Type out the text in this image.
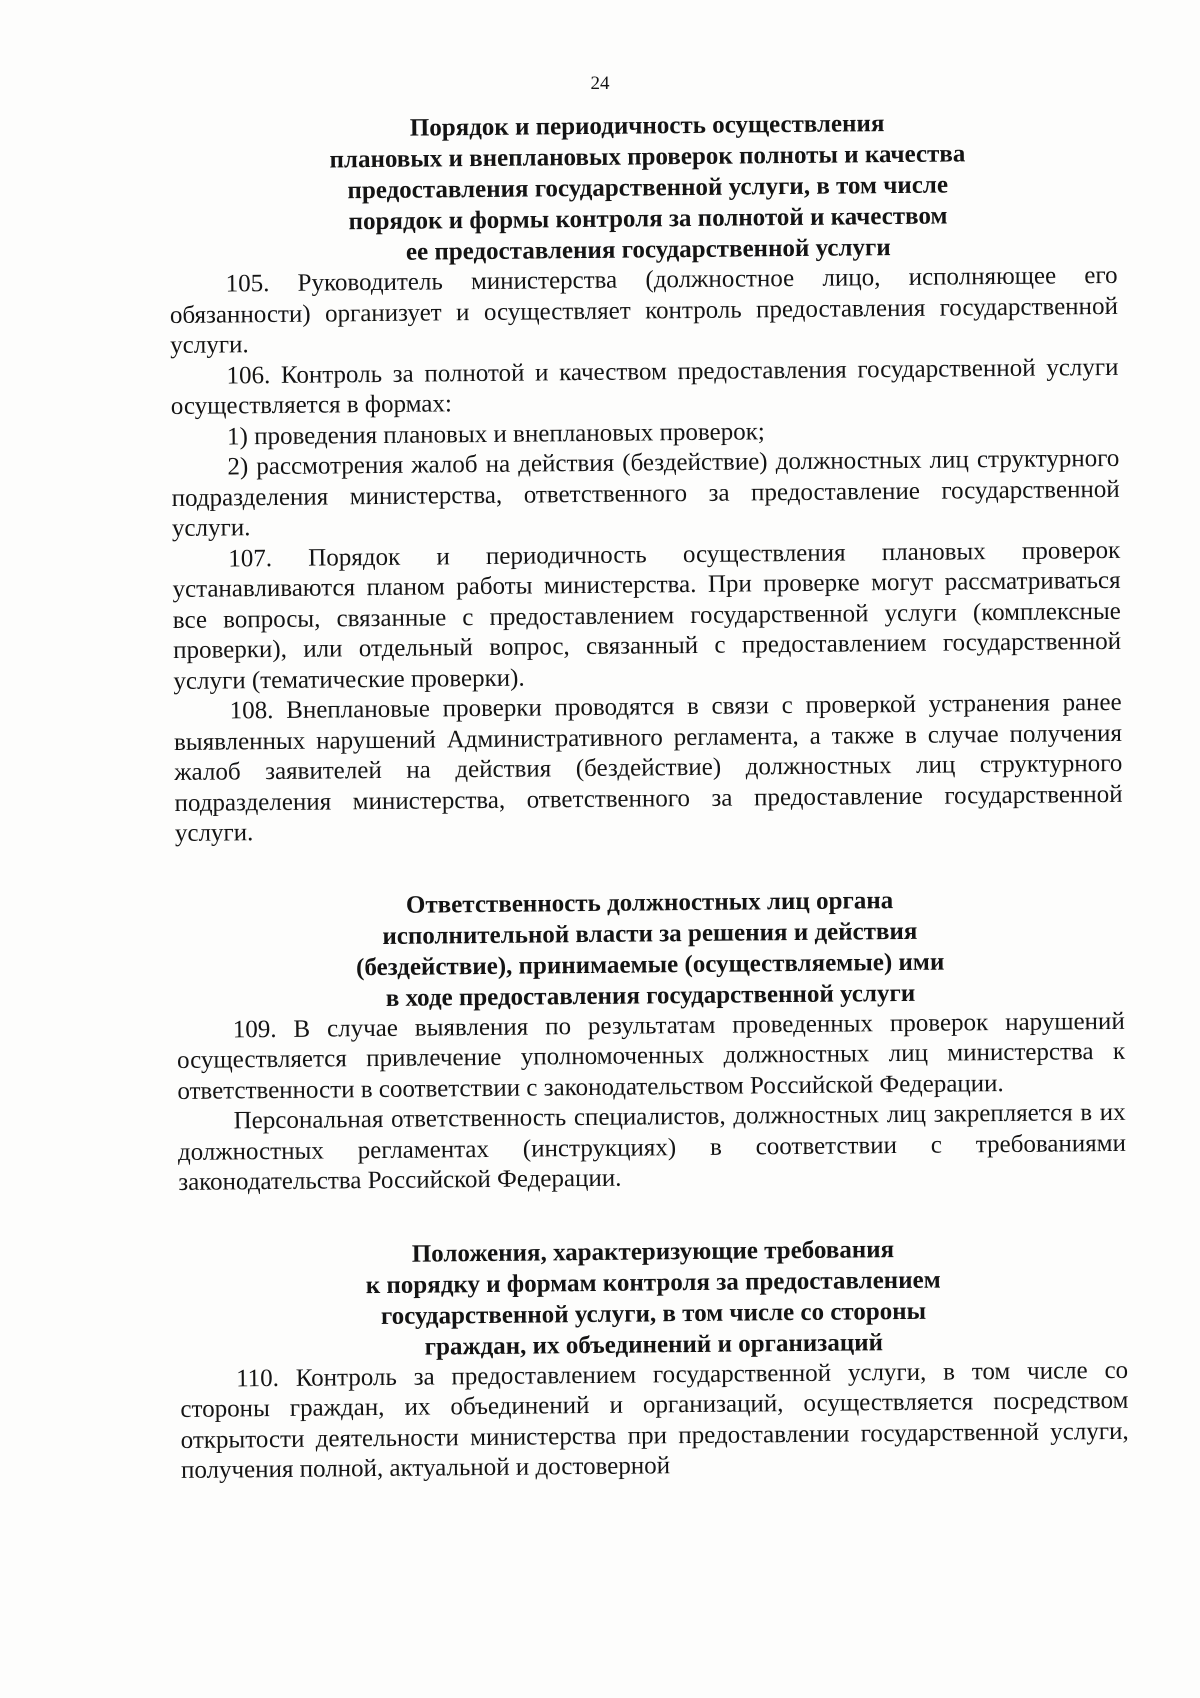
24
Порядок и периодичность осуществления
плановых и внеплановых проверок полноты и качества
предоставления государственной услуги, в том числе
порядок и формы контроля за полнотой и качеством
ее предоставления государственной услуги

105. Руководитель министерства (должностное лицо, исполняющее его обязанности) организует и осуществляет контроль предоставления государственной услуги.

106. Контроль за полнотой и качеством предоставления государственной услуги осуществляется в формах:

1) проведения плановых и внеплановых проверок;

2) рассмотрения жалоб на действия (бездействие) должностных лиц структурного подразделения министерства, ответственного за предоставление государственной услуги.

107. Порядок и периодичность осуществления плановых проверок устанавливаются планом работы министерства. При проверке могут рассматриваться все вопросы, связанные с предоставлением государственной услуги (комплексные проверки), или отдельный вопрос, связанный с предоставлением государственной услуги (тематические проверки).

108. Внеплановые проверки проводятся в связи с проверкой устранения ранее выявленных нарушений Административного регламента, а также в случае получения жалоб заявителей на действия (бездействие) должностных лиц структурного подразделения министерства, ответственного за предоставление государственной услуги.

Ответственность должностных лиц органа
исполнительной власти за решения и действия
(бездействие), принимаемые (осуществляемые) ими
в ходе предоставления государственной услуги

109. В случае выявления по результатам проведенных проверок нарушений осуществляется привлечение уполномоченных должностных лиц министерства к ответственности в соответствии с законодательством Российской Федерации.

Персональная ответственность специалистов, должностных лиц закрепляется в их должностных регламентах (инструкциях) в соответствии с требованиями законодательства Российской Федерации.

Положения, характеризующие требования
к порядку и формам контроля за предоставлением
государственной услуги, в том числе со стороны
граждан, их объединений и организаций

110. Контроль за предоставлением государственной услуги, в том числе со стороны граждан, их объединений и организаций, осуществляется посредством открытости деятельности министерства при предоставлении государственной услуги, получения полной, актуальной и достоверной
